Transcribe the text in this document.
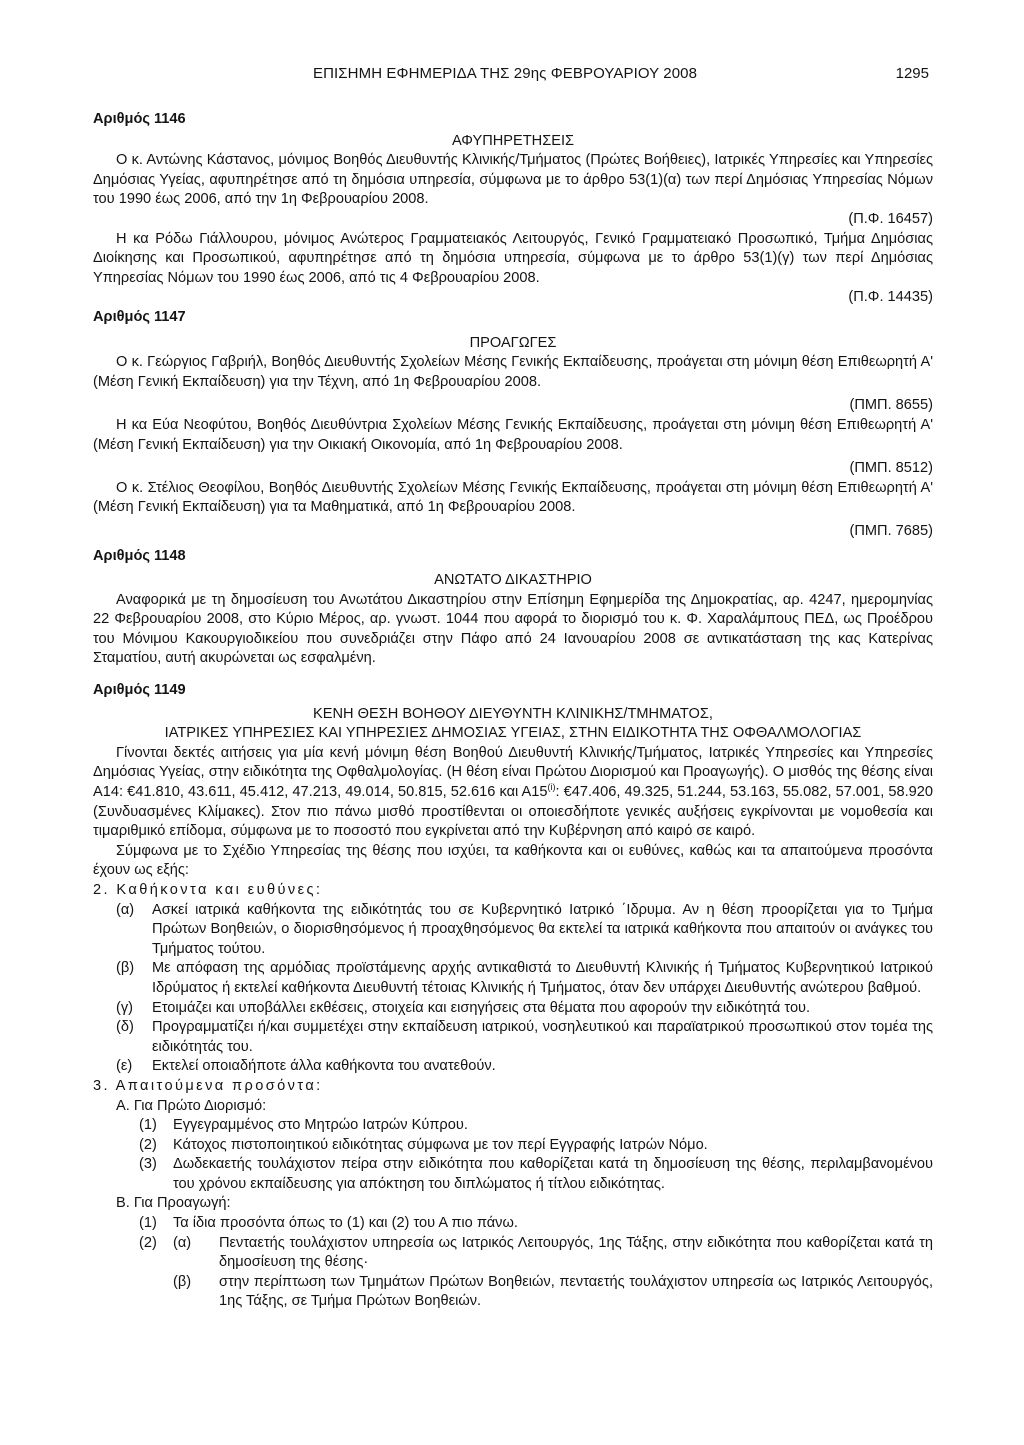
ΕΠΙΣΗΜΗ ΕΦΗΜΕΡΙΔΑ ΤΗΣ 29ης ΦΕΒΡΟΥΑΡΙΟΥ 2008	1295

Αριθμός 1146

ΑΦΥΠΗΡΕΤΗΣΕΙΣ

Ο κ. Αντώνης Κάστανος, μόνιμος Βοηθός Διευθυντής Κλινικής/Τμήματος (Πρώτες Βοήθειες), Ιατρικές Υπηρεσίες και Υπηρεσίες Δημόσιας Υγείας, αφυπηρέτησε από τη δημόσια υπηρεσία, σύμφωνα με το άρθρο 53(1)(α) των περί Δημόσιας Υπηρεσίας Νόμων του 1990 έως 2006, από την 1η Φεβρουαρίου 2008.

(Π.Φ. 16457)

Η κα Ρόδω Γιάλλουρου, μόνιμος Ανώτερος Γραμματειακός Λειτουργός, Γενικό Γραμματειακό Προσωπικό, Τμήμα Δημόσιας Διοίκησης και Προσωπικού, αφυπηρέτησε από τη δημόσια υπηρεσία, σύμφωνα με το άρθρο 53(1)(γ) των περί Δημόσιας Υπηρεσίας Νόμων του 1990 έως 2006, από τις 4 Φεβρουαρίου 2008.

(Π.Φ. 14435)

Αριθμός 1147

ΠΡΟΑΓΩΓΕΣ

Ο κ. Γεώργιος Γαβριήλ, Βοηθός Διευθυντής Σχολείων Μέσης Γενικής Εκπαίδευσης, προάγεται στη μόνιμη θέση Επιθεωρητή Α' (Μέση Γενική Εκπαίδευση) για την Τέχνη, από 1η Φεβρουαρίου 2008.

(ΠΜΠ. 8655)

Η κα Εύα Νεοφύτου, Βοηθός Διευθύντρια Σχολείων Μέσης Γενικής Εκπαίδευσης, προάγεται στη μόνιμη θέση Επιθεωρητή Α' (Μέση Γενική Εκπαίδευση) για την Οικιακή Οικονομία, από 1η Φεβρουαρίου 2008.

(ΠΜΠ. 8512)

Ο κ. Στέλιος Θεοφίλου, Βοηθός Διευθυντής Σχολείων Μέσης Γενικής Εκπαίδευσης, προάγεται στη μόνιμη θέση Επιθεωρητή Α' (Μέση Γενική Εκπαίδευση) για τα Μαθηματικά, από 1η Φεβρουαρίου 2008.

(ΠΜΠ. 7685)

Αριθμός 1148

ΑΝΩΤΑΤΟ ΔΙΚΑΣΤΗΡΙΟ

Αναφορικά με τη δημοσίευση του Ανωτάτου Δικαστηρίου στην Επίσημη Εφημερίδα της Δημοκρατίας, αρ. 4247, ημερομηνίας 22 Φεβρουαρίου 2008, στο Κύριο Μέρος, αρ. γνωστ. 1044 που αφορά το διορισμό του κ. Φ. Χαραλάμπους ΠΕΔ, ως Προέδρου του Μόνιμου Κακουργιοδικείου που συνεδριάζει στην Πάφο από 24 Ιανουαρίου 2008 σε αντικατάσταση της κας Κατερίνας Σταματίου, αυτή ακυρώνεται ως εσφαλμένη.

Αριθμός 1149

ΚΕΝΗ ΘΕΣΗ ΒΟΗΘΟΥ ΔΙΕΥΘΥΝΤΗ ΚΛΙΝΙΚΗΣ/ΤΜΗΜΑΤΟΣ,

ΙΑΤΡΙΚΕΣ ΥΠΗΡΕΣΙΕΣ ΚΑΙ ΥΠΗΡΕΣΙΕΣ ΔΗΜΟΣΙΑΣ ΥΓΕΙΑΣ, ΣΤΗΝ ΕΙΔΙΚΟΤΗΤΑ ΤΗΣ ΟΦΘΑΛΜΟΛΟΓΙΑΣ

Γίνονται δεκτές αιτήσεις για μία κενή μόνιμη θέση Βοηθού Διευθυντή Κλινικής/Τμήματος, Ιατρικές Υπηρεσίες και Υπηρεσίες Δημόσιας Υγείας, στην ειδικότητα της Οφθαλμολογίας. (Η θέση είναι Πρώτου Διορισμού και Προαγωγής). Ο μισθός της θέσης είναι Α14: €41.810, 43.611, 45.412, 47.213, 49.014, 50.815, 52.616 και Α15$^{(i)}$: €47.406, 49.325, 51.244, 53.163, 55.082, 57.001, 58.920 (Συνδυασμένες Κλίμακες). Στον πιο πάνω μισθό προστίθενται οι οποιεσδήποτε γενικές αυξήσεις εγκρίνονται με νομοθεσία και τιμαριθμικό επίδομα, σύμφωνα με το ποσοστό που εγκρίνεται από την Κυβέρνηση από καιρό σε καιρό.

Σύμφωνα με το Σχέδιο Υπηρεσίας της θέσης που ισχύει, τα καθήκοντα και οι ευθύνες, καθώς και τα απαιτούμενα προσόντα έχουν ως εξής:

2. Καθήκοντα και ευθύνες:

(α)	Ασκεί ιατρικά καθήκοντα της ειδικότητάς του σε Κυβερνητικό Ιατρικό ΄Ιδρυμα. Αν η θέση προορίζεται για το Τμήμα Πρώτων Βοηθειών, ο διορισθησόμενος ή προαχθησόμενος θα εκτελεί τα ιατρικά καθήκοντα που απαιτούν οι ανάγκες του Τμήματος τούτου.
(β)	Με απόφαση της αρμόδιας προϊστάμενης αρχής αντικαθιστά το Διευθυντή Κλινικής ή Τμήματος Κυβερνητικού Ιατρικού Ιδρύματος ή εκτελεί καθήκοντα Διευθυντή τέτοιας Κλινικής ή Τμήματος, όταν δεν υπάρχει Διευθυντής ανώτερου βαθμού.
(γ)	Ετοιμάζει και υποβάλλει εκθέσεις, στοιχεία και εισηγήσεις στα θέματα που αφορούν την ειδικότητά του.
(δ)	Προγραμματίζει ή/και συμμετέχει στην εκπαίδευση ιατρικού, νοσηλευτικού και παραϊατρικού προσωπικού στον τομέα της ειδικότητάς του.
(ε)	Εκτελεί οποιαδήποτε άλλα καθήκοντα του ανατεθούν.

3. Απαιτούμενα προσόντα:

Α. Για Πρώτο Διορισμό:

(1)	Εγγεγραμμένος στο Μητρώο Ιατρών Κύπρου.
(2)	Κάτοχος πιστοποιητικού ειδικότητας σύμφωνα με τον περί Εγγραφής Ιατρών Νόμο.
(3)	Δωδεκαετής τουλάχιστον πείρα στην ειδικότητα που καθορίζεται κατά τη δημοσίευση της θέσης, περιλαμβανομένου του χρόνου εκπαίδευσης για απόκτηση του διπλώματος ή τίτλου ειδικότητας.

Β. Για Προαγωγή:

(1)	Τα ίδια προσόντα όπως το (1) και (2) του Α πιο πάνω.
(2)	(α)	Πενταετής τουλάχιστον υπηρεσία ως Ιατρικός Λειτουργός, 1ης Τάξης, στην ειδικότητα που καθορίζεται κατά τη δημοσίευση της θέσης·
(β)	στην περίπτωση των Τμημάτων Πρώτων Βοηθειών, πενταετής τουλάχιστον υπηρεσία ως Ιατρικός Λειτουργός, 1ης Τάξης, σε Τμήμα Πρώτων Βοηθειών.
